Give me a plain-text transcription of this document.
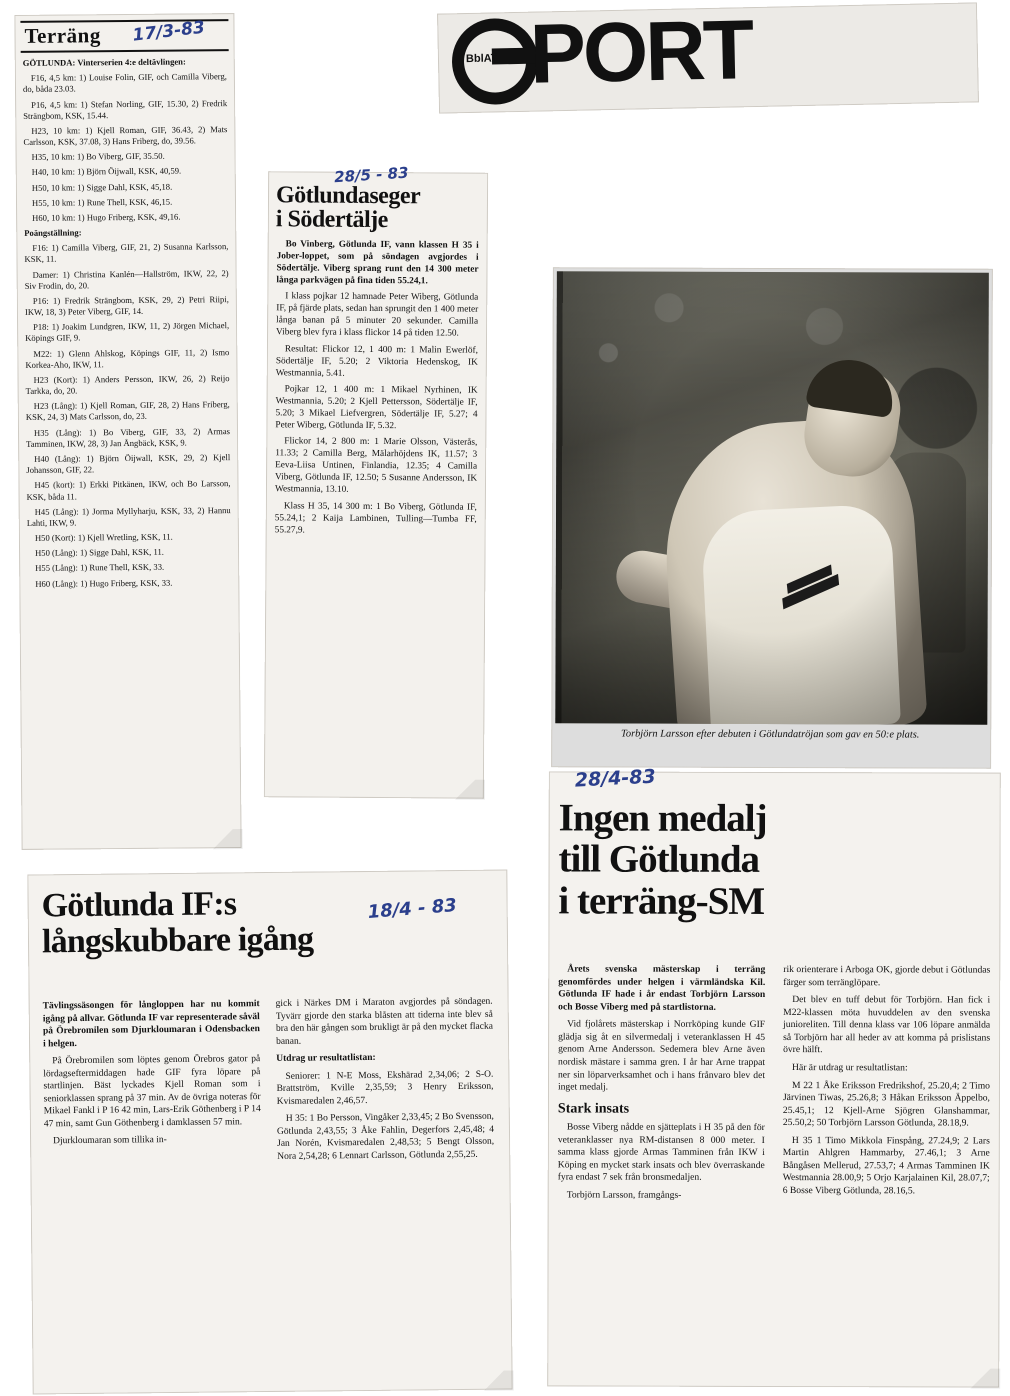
BblAT PORT
Terräng	17/3-83

GÖTLUNDA: Vinterserien 4:e deltävlingen:

F16, 4,5 km: 1) Louise Folin, GIF, och Camilla Viberg, do, båda 23.03.

P16, 4,5 km: 1) Stefan Norling, GIF, 15.30, 2) Fredrik Strängbom, KSK, 15.44.

H23, 10 km: 1) Kjell Roman, GIF, 36.43, 2) Mats Carlsson, KSK, 37.08, 3) Hans Friberg, do, 39.56.

H35, 10 km: 1) Bo Viberg, GIF, 35.50.

H40, 10 km: 1) Björn Öijwall, KSK, 40,59.

H50, 10 km: 1) Sigge Dahl, KSK, 45,18.

H55, 10 km: 1) Rune Thell, KSK, 46,15.

H60, 10 km: 1) Hugo Friberg, KSK, 49,16.

Poängställning:

F16: 1) Camilla Viberg, GIF, 21, 2) Susanna Karlsson, KSK, 11.

Damer: 1) Christina Kanlén—Hallström, IKW, 22, 2) Siv Frodin, do, 20.

P16: 1) Fredrik Strängbom, KSK, 29, 2) Petri Riipi, IKW, 18, 3) Peter Viberg, GIF, 14.

P18: 1) Joakim Lundgren, IKW, 11, 2) Jörgen Michael, Köpings GIF, 9.

M22: 1) Glenn Ahlskog, Köpings GIF, 11, 2) Ismo Korkea-Aho, IKW, 11.

H23 (Kort): 1) Anders Persson, IKW, 26, 2) Reijo Tarkka, do, 20.

H23 (Lång): 1) Kjell Roman, GIF, 28, 2) Hans Friberg, KSK, 24, 3) Mats Carlsson, do, 23.

H35 (Lång): 1) Bo Viberg, GIF, 33, 2) Armas Tamminen, IKW, 28, 3) Jan Ångbäck, KSK, 9.

H40 (Lång): 1) Björn Öijwall, KSK, 29, 2) Kjell Johansson, GIF, 22.

H45 (kort): 1) Erkki Pitkänen, IKW, och Bo Larsson, KSK, båda 11.

H45 (Lång): 1) Jorma Myllyharju, KSK, 33, 2) Hannu Lahti, IKW, 9.

H50 (Kort): 1) Kjell Wretling, KSK, 11.

H50 (Lång): 1) Sigge Dahl, KSK, 11.

H55 (Lång): 1) Rune Thell, KSK, 33.

H60 (Lång): 1) Hugo Friberg, KSK, 33.

28/5 - 83
Götlundaseger
i Södertälje

Bo Vinberg, Götlunda IF, vann klassen H 35 i Jober-loppet, som på söndagen avgjordes i Södertälje. Viberg sprang runt den 14 300 meter långa parkvägen på fina tiden 55.24,1.

I klass pojkar 12 hamnade Peter Wiberg, Götlunda IF, på fjärde plats, sedan han sprungit den 1 400 meter långa banan på 5 minuter 20 sekunder. Camilla Viberg blev fyra i klass flickor 14 på tiden 12.50.

Resultat: Flickor 12, 1 400 m: 1 Malin Ewerlöf, Södertälje IF, 5.20; 2 Viktoria Hedenskog, IK Westmannia, 5.41.

Pojkar 12, 1 400 m: 1 Mikael Nyrhinen, IK Westmannia, 5.20; 2 Kjell Pettersson, Södertälje IF, 5.20; 3 Mikael Liefvergren, Södertälje IF, 5.27; 4 Peter Wiberg, Götlunda IF, 5.32.

Flickor 14, 2 800 m: 1 Marie Olsson, Västerås, 11.33; 2 Camilla Berg, Mälarhöjdens IK, 11.57; 3 Eeva-Liisa Untinen, Finlandia, 12.35; 4 Camilla Viberg, Götlunda IF, 12.50; 5 Susanne Andersson, IK Westmannia, 13.10.

Klass H 35, 14 300 m: 1 Bo Viberg, Götlunda IF, 55.24,1; 2 Kaija Lambinen, Tulling—Tumba FF, 55.27,9.

Torbjörn Larsson efter debuten i Götlundatröjan som gav en 50:e plats.
28/4-83
Ingen medalj
till Götlunda
i terräng-SM

Årets svenska mästerskap i terräng genomfördes under helgen i värmländska Kil. Götlunda IF hade i år endast Torbjörn Larsson och Bosse Viberg med på startlistorna.

Vid fjolårets mästerskap i Norrköping kunde GIF glädja sig åt en silvermedalj i veteranklassen H 45 genom Arne Andersson. Sedemera blev Arne även nordisk mästare i samma gren. I år har Arne trappat ner sin löparverksamhet och i hans frånvaro blev det inget medalj.

Stark insats

Bosse Viberg nådde en sjätteplats i H 35 på den för veteranklasser nya RM-distansen 8 000 meter. I samma klass gjorde Armas Tamminen från IKW i Köping en mycket stark insats och blev överraskande fyra endast 7 sek från bronsmedaljen.

Torbjörn Larsson, framgångs-

rik orienterare i Arboga OK, gjorde debut i Götlundas färger som terränglöpare.

Det blev en tuff debut för Torbjörn. Han fick i M22-klassen möta huvuddelen av den svenska junioreliten. Till denna klass var 106 löpare anmälda så Torbjörn har all heder av att komma på prislistans övre hälft.

Här är utdrag ur resultatlistan:

M 22 1 Åke Eriksson Fredrikshof, 25.20,4; 2 Timo Järvinen Tiwas, 25.26,8; 3 Håkan Eriksson Äppelbo, 25.45,1; 12 Kjell-Arne Sjögren Glanshammar, 25.50,2; 50 Torbjörn Larsson Götlunda, 28.18,9.

H 35 1 Timo Mikkola Finspång, 27.24,9; 2 Lars Martin Ahlgren Hammarby, 27.46,1; 3 Arne Bångåsen Mellerud, 27.53,7; 4 Armas Tamminen IK Westmannia 28.00,9; 5 Orjo Karjalainen Kil, 28.07,7; 6 Bosse Viberg Götlunda, 28.16,5.

18/4 - 83
Götlunda IF:s
långskubbare igång

Tävlingssäsongen för långloppen har nu kommit igång på allvar. Götlunda IF var representerade såväl på Örebromilen som Djurkloumaran i Odensbacken i helgen.

På Örebromilen som löptes genom Örebros gator på lördagseftermiddagen hade GIF fyra löpare på startlinjen. Bäst lyckades Kjell Roman som i seniorklassen sprang på 37 min. Av de övriga noteras för Mikael Fankl i P 16 42 min, Lars-Erik Göthenberg i P 14 47 min, samt Gun Göthenberg i damklassen 57 min.

Djurkloumaran som tillika in-

gick i Närkes DM i Maraton avgjordes på söndagen. Tyvärr gjorde den starka blåsten att tiderna inte blev så bra den här gången som brukligt är på den mycket flacka banan.

Utdrag ur resultatlistan:

Seniorer: 1 N-E Moss, Ekshärad 2,34,06; 2 S-O. Brattström, Kville 2,35,59; 3 Henry Eriksson, Kvismaredalen 2,46,57.

H 35: 1 Bo Persson, Vingåker 2,33,45; 2 Bo Svensson, Götlunda 2,43,55; 3 Åke Fahlin, Degerfors 2,45,48; 4 Jan Norén, Kvismaredalen 2,48,53; 5 Bengt Olsson, Nora 2,54,28; 6 Lennart Carlsson, Götlunda 2,55,25.
